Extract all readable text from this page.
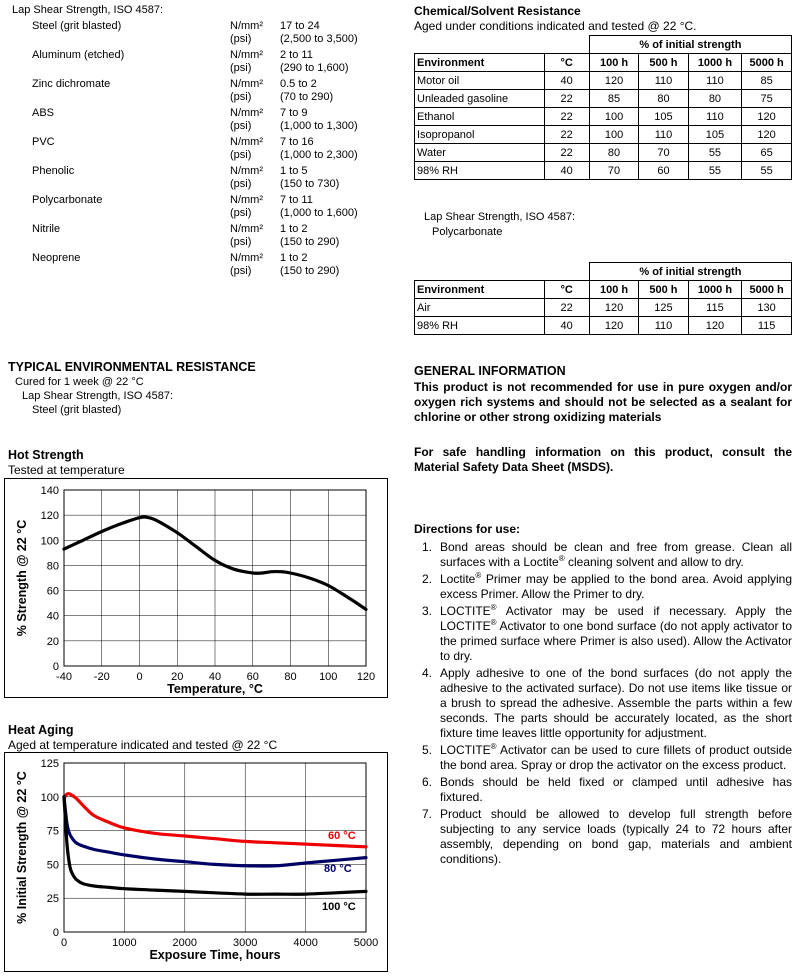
Lap Shear Strength, ISO 4587:
Steel (grit blasted)	N/mm² 17 to 24
(psi)	(2,500 to 3,500)
Aluminum (etched)	N/mm² 2 to 11
(psi)	(290 to 1,600)
Zinc dichromate	N/mm² 0.5 to 2
(psi)	(70 to 290)
ABS	N/mm² 7 to 9
(psi)	(1,000 to 1,300)
PVC	N/mm² 7 to 16
(psi)	(1,000 to 2,300)
Phenolic	N/mm² 1 to 5
(psi)	(150 to 730)
Polycarbonate	N/mm² 7 to 11
(psi)	(1,000 to 1,600)
Nitrile	N/mm² 1 to 2
(psi)	(150 to 290)
Neoprene	N/mm² 1 to 2
(psi)	(150 to 290)
TYPICAL ENVIRONMENTAL RESISTANCE
Cured for 1 week @ 22 °C
Lap Shear Strength, ISO 4587:
Steel (grit blasted)
Hot Strength
Tested at temperature
0
20
40
60
80
100
120
140
-40 -20 0	20 40 60 80 100 120
Temperature, °C
% Strength @ 22 °C
Heat Aging
Aged at temperature indicated and tested @ 22 °C
0
25
50
75
100
125
0	1000	2000	3000	4000	5000
60 °C
80 °C
100 °C
Exposure Time, hours
% Initial Strength @ 22 °C
Chemical/Solvent Resistance
Aged under conditions indicated and tested @ 22 °C.
		% of initial strength			
Environment	°C	100 h	500 h	1000 h	5000 h
Motor oil	40	120	110	110	85
Unleaded gasoline	22	85	80	80	75
Ethanol	22	100	105	110	120
Isopropanol	22	100	110	105	120
Water	22	80	70	55	65
98% RH	40	70	60	55	55
Lap Shear Strength, ISO 4587:
Polycarbonate
		% of initial strength			
Environment	°C	100 h	500 h	1000 h	5000 h
Air	22	120	125	115	130
98% RH	40	120	110	120	115
GENERAL INFORMATION
This product is not recommended for use in pure oxygen and/or oxygen rich systems and should not be selected as a sealant for chlorine or other strong oxidizing materials
For safe handling information on this product, consult the Material Safety Data Sheet (MSDS).
Directions for use:
1. Bond areas should be clean and free from grease. Clean all surfaces with a Loctite® cleaning solvent and allow to dry.
2. Loctite® Primer may be applied to the bond area. Avoid applying excess Primer. Allow the Primer to dry.
3. LOCTITE® Activator may be used if necessary. Apply the LOCTITE® Activator to one bond surface (do not apply activator to the primed surface where Primer is also used). Allow the Activator to dry.
4. Apply adhesive to one of the bond surfaces (do not apply the adhesive to the activated surface). Do not use items like tissue or a brush to spread the adhesive. Assemble the parts within a few seconds. The parts should be accurately located, as the short fixture time leaves little opportunity for adjustment.
5. LOCTITE® Activator can be used to cure fillets of product outside the bond area. Spray or drop the activator on the excess product.
6. Bonds should be held fixed or clamped until adhesive has fixtured.
7. Product should be allowed to develop full strength before subjecting to any service loads (typically 24 to 72 hours after assembly, depending on bond gap, materials and ambient conditions).
